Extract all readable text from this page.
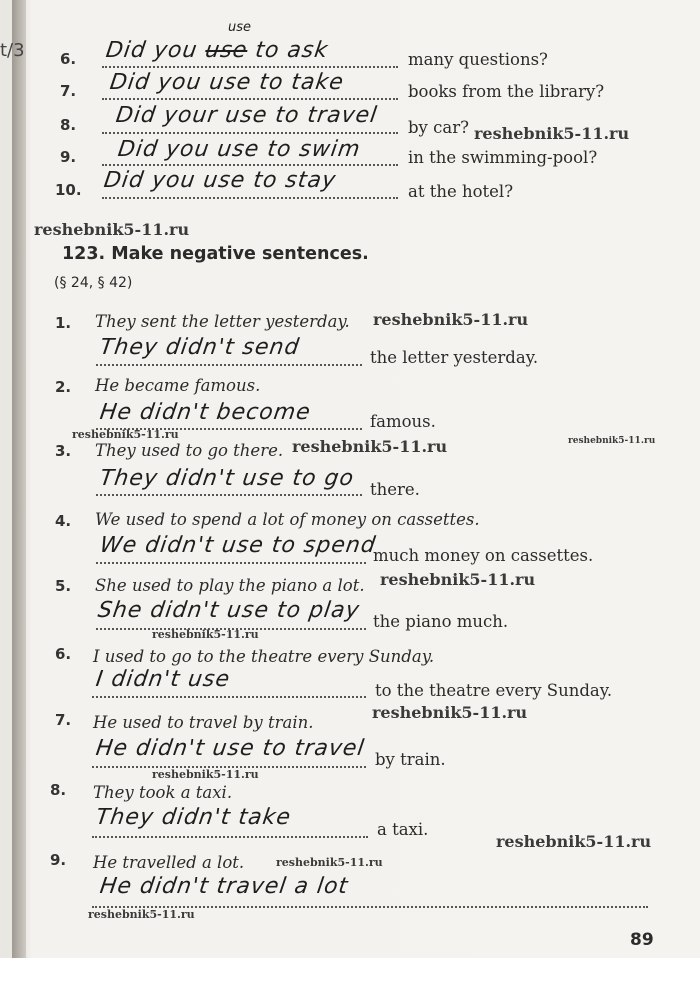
t/3 6.
use
Did you use to ask	many questions?
7. Did you use to take	books from the library?
8. Did your use to travel by car?
9. Did you use to swim	in the swimming-pool?
10. Did you use to stay	at the hotel?
123. Make negative sentences.
(§ 24, § 42)
1. They sent the letter yesterday.
They didn't send	the letter yesterday.
2. He became famous.
He didn't become	famous.
3. They used to go there.
They didn't use to go there.
4. We used to spend a lot of money on cassettes.
We didn't use to spend
much money on cassettes.
5. She used to play the piano a lot.
She didn't use to play the piano much.
6. I used to go to the theatre every Sunday.
I didn't use	to the theatre every Sunday.
7. He used to travel by train.
He didn't use to travel by train.
8. They took a taxi.
They didn't take	a taxi.
9. He travelled a lot.
He didn't travel a lot
reshebnik5-11.ru
reshebnik5-11.ru
reshebnik5-11.ru
reshebnik5-11.ru
reshebnik5-11.ru	reshebnik5-11.ru
reshebnik5-11.ru
reshebnik5-11.ru
reshebnik5-11.ru
reshebnik5-11.ru
reshebnik5-11.ru
reshebnik5-11.ru
reshebnik5-11.ru
89
